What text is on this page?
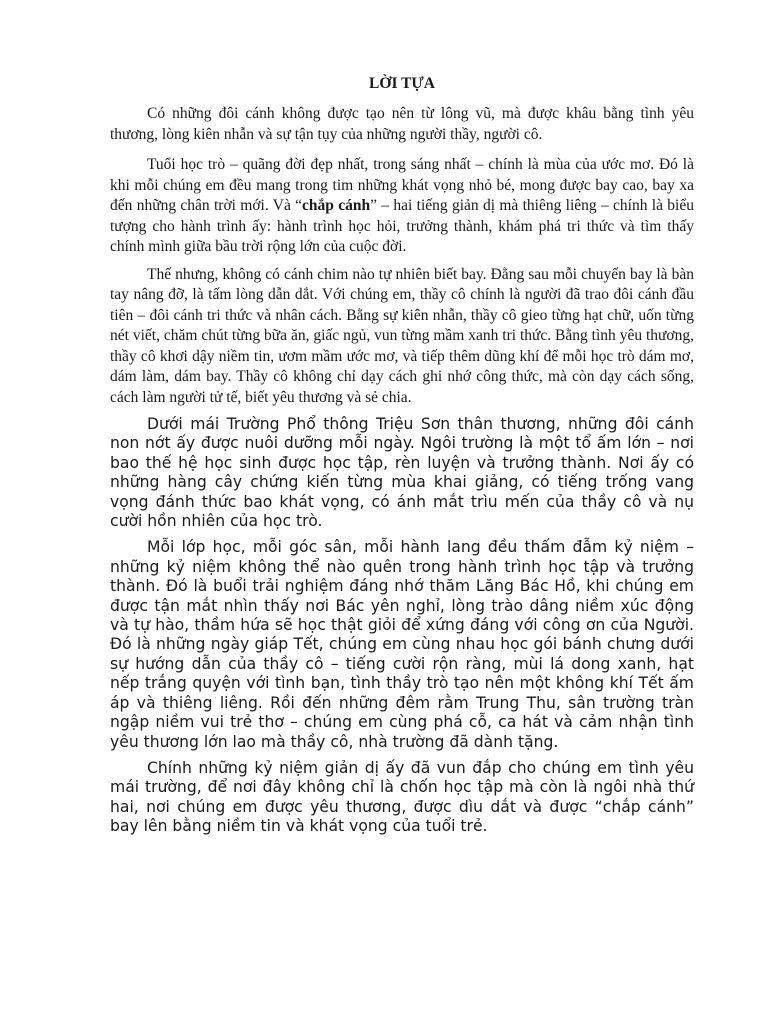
LỜI TỰA

Có những đôi cánh không được tạo nên từ lông vũ, mà được khâu bằng tình yêu thương, lòng kiên nhẫn và sự tận tụy của những người thầy, người cô.

Tuổi học trò – quãng đời đẹp nhất, trong sáng nhất – chính là mùa của ước mơ. Đó là khi mỗi chúng em đều mang trong tim những khát vọng nhỏ bé, mong được bay cao, bay xa đến những chân trời mới. Và “chắp cánh” – hai tiếng giản dị mà thiêng liêng – chính là biểu tượng cho hành trình ấy: hành trình học hỏi, trưởng thành, khám phá tri thức và tìm thấy chính mình giữa bầu trời rộng lớn của cuộc đời.

Thế nhưng, không có cánh chim nào tự nhiên biết bay. Đằng sau mỗi chuyến bay là bàn tay nâng đỡ, là tấm lòng dẫn dắt. Với chúng em, thầy cô chính là người đã trao đôi cánh đầu tiên – đôi cánh tri thức và nhân cách. Bằng sự kiên nhẫn, thầy cô gieo từng hạt chữ, uốn từng nét viết, chăm chút từng bữa ăn, giấc ngủ, vun từng mầm xanh tri thức. Bằng tình yêu thương, thầy cô khơi dậy niềm tin, ươm mầm ước mơ, và tiếp thêm dũng khí để mỗi học trò dám mơ, dám làm, dám bay. Thầy cô không chỉ dạy cách ghi nhớ công thức, mà còn dạy cách sống, cách làm người tử tế, biết yêu thương và sẻ chia.

Dưới mái Trường Phổ thông Triệu Sơn thân thương, những đôi cánh non nớt ấy được nuôi dưỡng mỗi ngày. Ngôi trường là một tổ ấm lớn – nơi bao thế hệ học sinh được học tập, rèn luyện và trưởng thành. Nơi ấy có những hàng cây chứng kiến từng mùa khai giảng, có tiếng trống vang vọng đánh thức bao khát vọng, có ánh mắt trìu mến của thầy cô và nụ cười hồn nhiên của học trò.

Mỗi lớp học, mỗi góc sân, mỗi hành lang đều thấm đẫm kỷ niệm – những kỷ niệm không thể nào quên trong hành trình học tập và trưởng thành. Đó là buổi trải nghiệm đáng nhớ thăm Lăng Bác Hồ, khi chúng em được tận mắt nhìn thấy nơi Bác yên nghỉ, lòng trào dâng niềm xúc động và tự hào, thầm hứa sẽ học thật giỏi để xứng đáng với công ơn của Người. Đó là những ngày giáp Tết, chúng em cùng nhau học gói bánh chưng dưới sự hướng dẫn của thầy cô – tiếng cười rộn ràng, mùi lá dong xanh, hạt nếp trắng quyện với tình bạn, tình thầy trò tạo nên một không khí Tết ấm áp và thiêng liêng. Rồi đến những đêm rằm Trung Thu, sân trường tràn ngập niềm vui trẻ thơ – chúng em cùng phá cỗ, ca hát và cảm nhận tình yêu thương lớn lao mà thầy cô, nhà trường đã dành tặng.

Chính những kỷ niệm giản dị ấy đã vun đắp cho chúng em tình yêu mái trường, để nơi đây không chỉ là chốn học tập mà còn là ngôi nhà thứ hai, nơi chúng em được yêu thương, được dìu dắt và được “chắp cánh” bay lên bằng niềm tin và khát vọng của tuổi trẻ.
